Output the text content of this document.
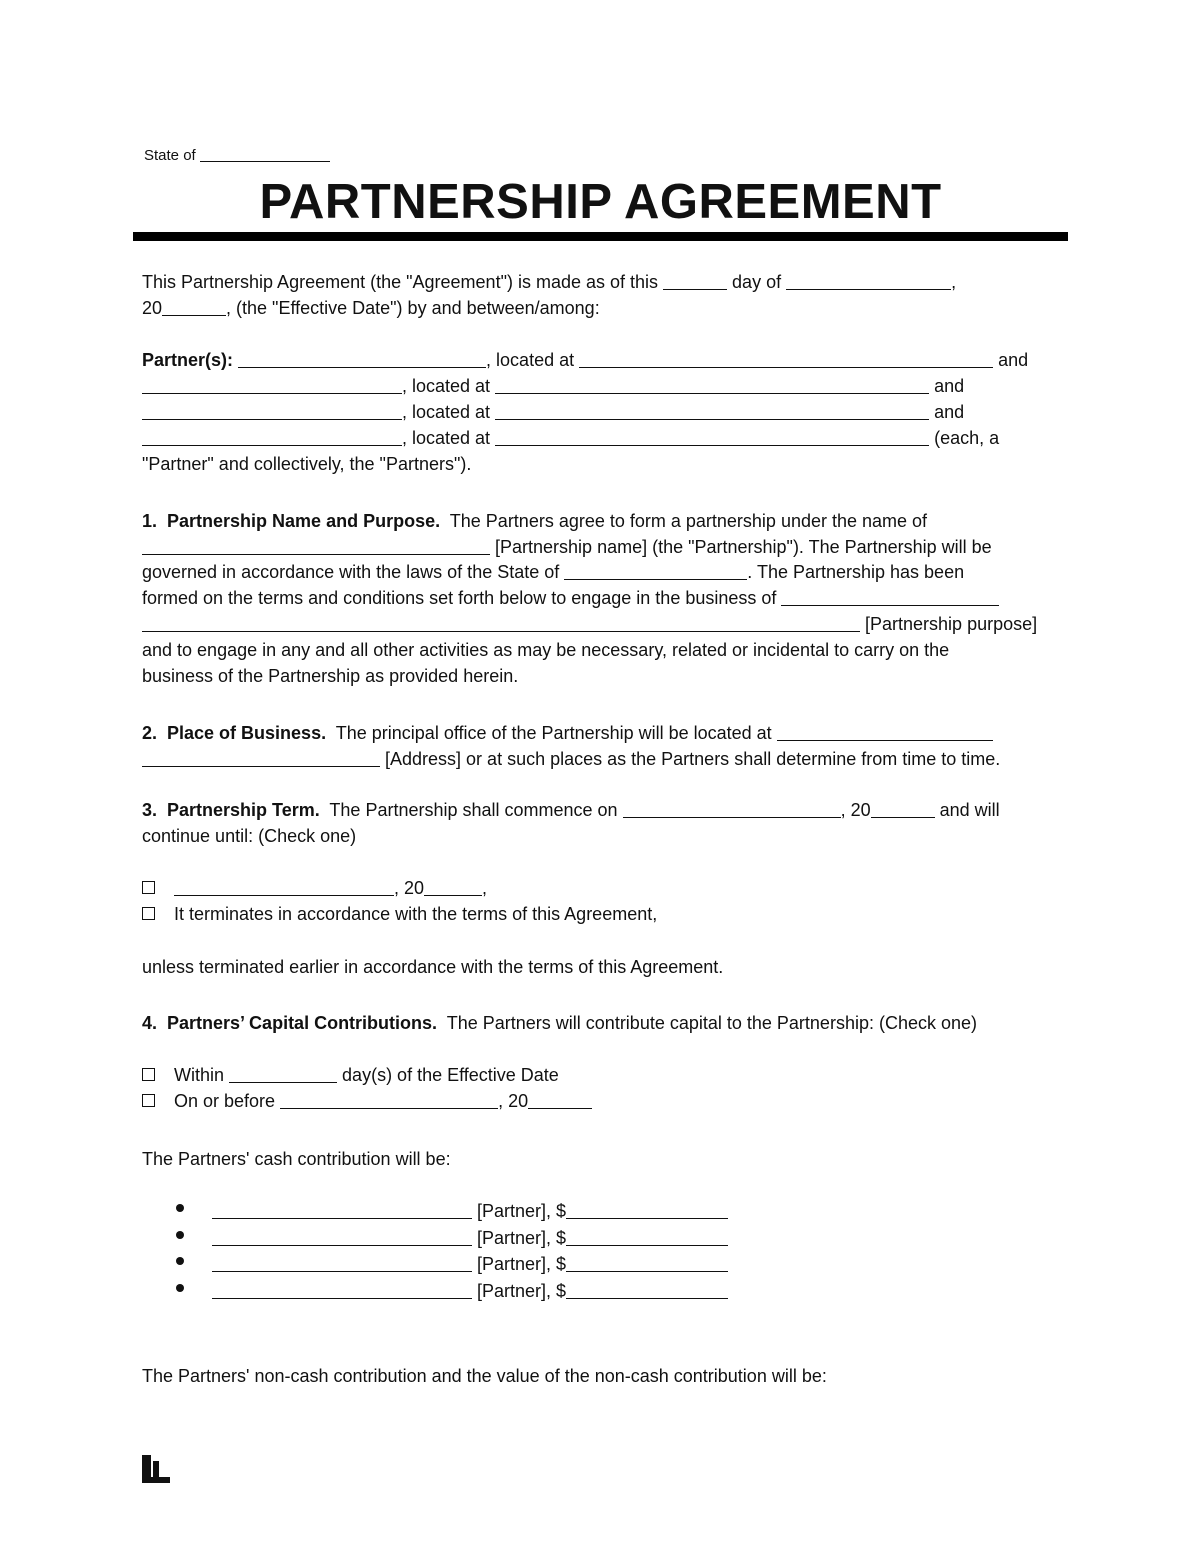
State of
PARTNERSHIP AGREEMENT
This Partnership Agreement (the "Agreement") is made as of this	day of	,
20	, (the "Effective Date") by and between/among:
Partner(s):	, located at	and
, located at	and
, located at	and
, located at	(each, a
"Partner" and collectively, the "Partners").
1.  Partnership Name and Purpose. The Partners agree to form a partnership under the name of
[Partnership name] (the "Partnership"). The Partnership will be
governed in accordance with the laws of the State of	. The Partnership has been
formed on the terms and conditions set forth below to engage in the business of
[Partnership purpose]
and to engage in any and all other activities as may be necessary, related or incidental to carry on the
business of the Partnership as provided herein.
2.  Place of Business. The principal office of the Partnership will be located at
[Address] or at such places as the Partners shall determine from time to time.
3.  Partnership Term. The Partnership shall commence on	, 20	and will
continue until: (Check one)
, 20	,
It terminates in accordance with the terms of this Agreement,
unless terminated earlier in accordance with the terms of this Agreement.
4.  Partners’ Capital Contributions. The Partners will contribute capital to the Partnership: (Check one)
Within	day(s) of the Effective Date
On or before	, 20
The Partners' cash contribution will be:
[Partner], $
[Partner], $
[Partner], $
[Partner], $
The Partners' non-cash contribution and the value of the non-cash contribution will be:
